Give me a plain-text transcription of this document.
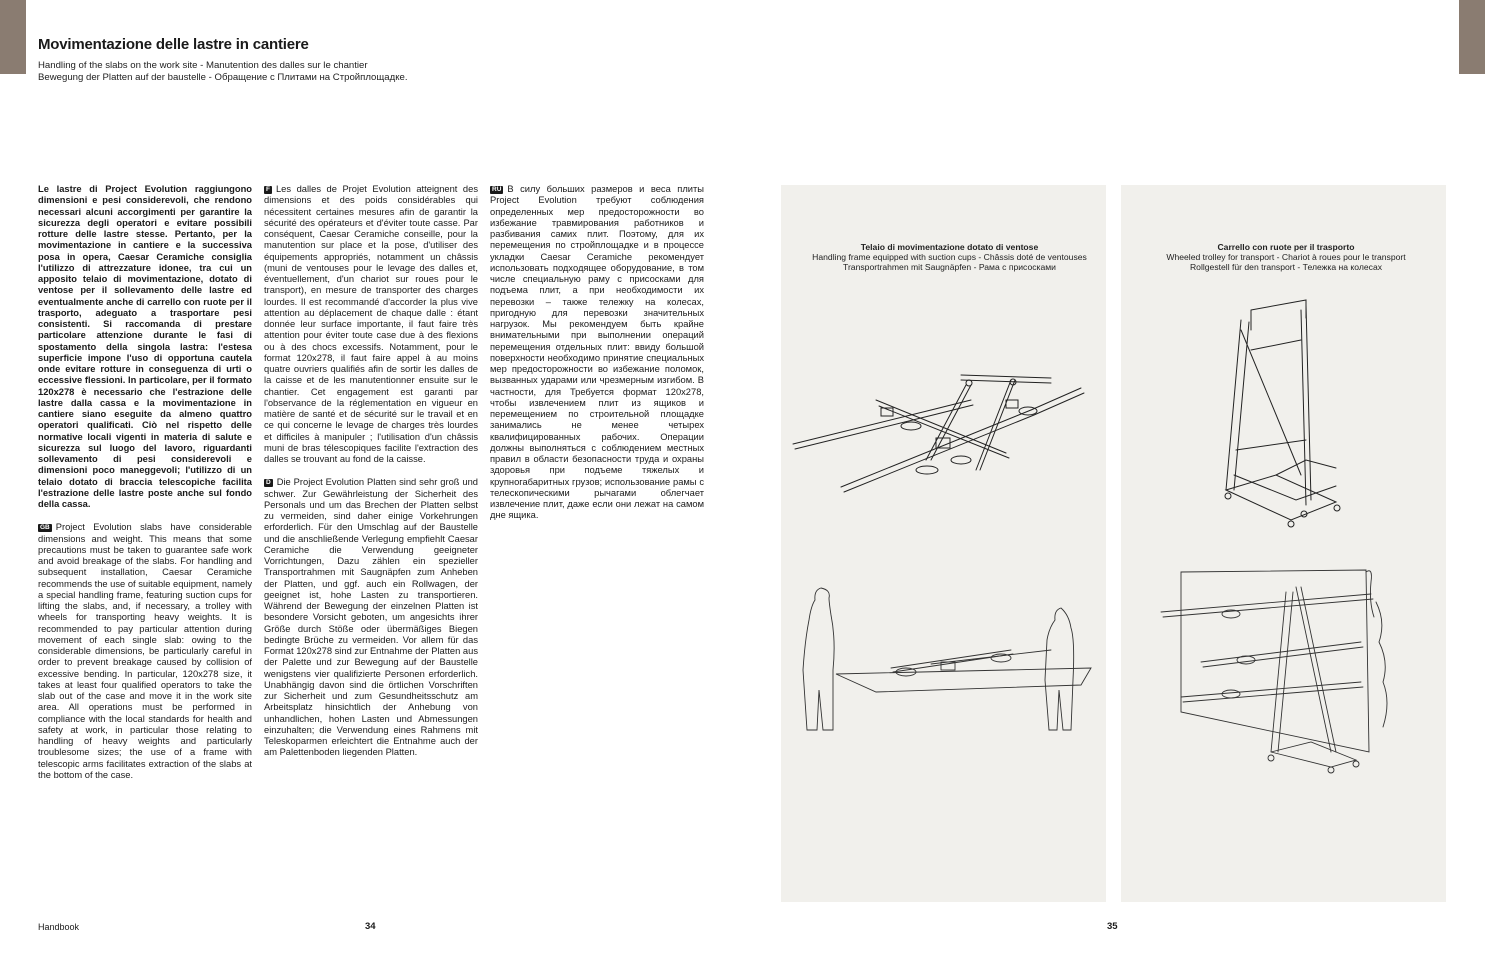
Movimentazione delle lastre in cantiere
Handling of the slabs on the work site - Manutention des dalles sur le chantier
Bewegung der Platten auf der baustelle - Обращение с Плитами на Стройплощадке.

Le lastre di Project Evolution raggiungono dimensioni e pesi considerevoli, che rendono necessari alcuni accorgimenti per garantire la sicurezza degli operatori e evitare possibili rotture delle lastre stesse. Pertanto, per la movimentazione in cantiere e la successiva posa in opera, Caesar Ceramiche consiglia l'utilizzo di attrezzature idonee, tra cui un apposito telaio di movimentazione, dotato di ventose per il sollevamento delle lastre ed eventualmente anche di carrello con ruote per il trasporto, adeguato a trasportare pesi consistenti. Si raccomanda di prestare particolare attenzione durante le fasi di spostamento della singola lastra: l'estesa superficie impone l'uso di opportuna cautela onde evitare rotture in conseguenza di urti o eccessive flessioni. In particolare, per il formato 120x278 è necessario che l'estrazione delle lastre dalla cassa e la movimentazione in cantiere siano eseguite da almeno quattro operatori qualificati. Ciò nel rispetto delle normative locali vigenti in materia di salute e sicurezza sul luogo del lavoro, riguardanti sollevamento di pesi considerevoli e dimensioni poco maneggevoli; l'utilizzo di un telaio dotato di braccia telescopiche facilita l'estrazione delle lastre poste anche sul fondo della cassa.

GB Project Evolution slabs have considerable dimensions and weight. This means that some precautions must be taken to guarantee safe work and avoid breakage of the slabs. For handling and subsequent installation, Caesar Ceramiche recommends the use of suitable equipment, namely a special handling frame, featuring suction cups for lifting the slabs, and, if necessary, a trolley with wheels for transporting heavy weights. It is recommended to pay particular attention during movement of each single slab: owing to the considerable dimensions, be particularly careful in order to prevent breakage caused by collision of excessive bending. In particular, 120x278 size, it takes at least four qualified operators to take the slab out of the case and move it in the work site area. All operations must be performed in compliance with the local standards for health and safety at work, in particular those relating to handling of heavy weights and particularly troublesome sizes; the use of a frame with telescopic arms facilitates extraction of the slabs at the bottom of the case.

F Les dalles de Projet Evolution atteignent des dimensions et des poids considérables qui nécessitent certaines mesures afin de garantir la sécurité des opérateurs et d'éviter toute casse. Par conséquent, Caesar Ceramiche conseille, pour la manutention sur place et la pose, d'utiliser des équipements appropriés, notamment un châssis (muni de ventouses pour le levage des dalles et, éventuellement, d'un chariot sur roues pour le transport), en mesure de transporter des charges lourdes. Il est recommandé d'accorder la plus vive attention au déplacement de chaque dalle : étant donnée leur surface importante, il faut faire très attention pour éviter toute case due à des flexions ou à des chocs excessifs. Notamment, pour le format 120x278, il faut faire appel à au moins quatre ouvriers qualifiés afin de sortir les dalles de la caisse et de les manutentionner ensuite sur le chantier. Cet engagement est garanti par l'observance de la réglementation en vigueur en matière de santé et de sécurité sur le travail et en ce qui concerne le levage de charges très lourdes et difficiles à manipuler ; l'utilisation d'un châssis muni de bras télescopiques facilite l'extraction des dalles se trouvant au fond de la caisse.

D Die Project Evolution Platten sind sehr groß und schwer. Zur Gewährleistung der Sicherheit des Personals und um das Brechen der Platten selbst zu vermeiden, sind daher einige Vorkehrungen erforderlich. Für den Umschlag auf der Baustelle und die anschließende Verlegung empfiehlt Caesar Ceramiche die Verwendung geeigneter Vorrichtungen, Dazu zählen ein spezieller Transportrahmen mit Saugnäpfen zum Anheben der Platten, und ggf. auch ein Rollwagen, der geeignet ist, hohe Lasten zu transportieren. Während der Bewegung der einzelnen Platten ist besondere Vorsicht geboten, um angesichts ihrer Größe durch Stöße oder übermäßiges Biegen bedingte Brüche zu vermeiden. Vor allem für das Format 120x278 sind zur Entnahme der Platten aus der Palette und zur Bewegung auf der Baustelle wenigstens vier qualifizierte Personen erforderlich. Unabhängig davon sind die örtlichen Vorschriften zur Sicherheit und zum Gesundheitsschutz am Arbeitsplatz hinsichtlich der Anhebung von unhandlichen, hohen Lasten und Abmessungen einzuhalten; die Verwendung eines Rahmens mit Teleskoparmen erleichtert die Entnahme auch der am Palettenboden liegenden Platten.

RU В силу больших размеров и веса плиты Project Evolution требуют соблюдения определенных мер предосторожности во избежание травмирования работников и разбивания самих плит. Поэтому, для их перемещения по стройплощадке и в процессе укладки Caesar Ceramiche рекомендует использовать подходящее оборудование, в том числе специальную раму с присосками для подъема плит, а при необходимости их перевозки – также тележку на колесах, пригодную для перевозки значительных нагрузок. Мы рекомендуем быть крайне внимательными при выполнении операций перемещения отдельных плит: ввиду большой поверхности необходимо принятие специальных мер предосторожности во избежание поломок, вызванных ударами или чрезмерным изгибом. В частности, для Требуется формат 120x278, чтобы извлечением плит из ящиков и перемещением по строительной площадке занимались не менее четырех квалифицированных рабочих. Операции должны выполняться с соблюдением местных правил в области безопасности труда и охраны здоровья при подъеме тяжелых и крупногабаритных грузов; использование рамы с телескопическими рычагами облегчает извлечение плит, даже если они лежат на самом дне ящика.

Telaio di movimentazione dotato di ventose
Handling frame equipped with suction cups - Châssis doté de ventouses
Transportrahmen mit Saugnäpfen - Рама с присосками
Carrello con ruote per il trasporto
Wheeled trolley for transport - Chariot à roues pour le transport
Rollgestell für den transport - Тележка на колесах
Handbook	34	35
